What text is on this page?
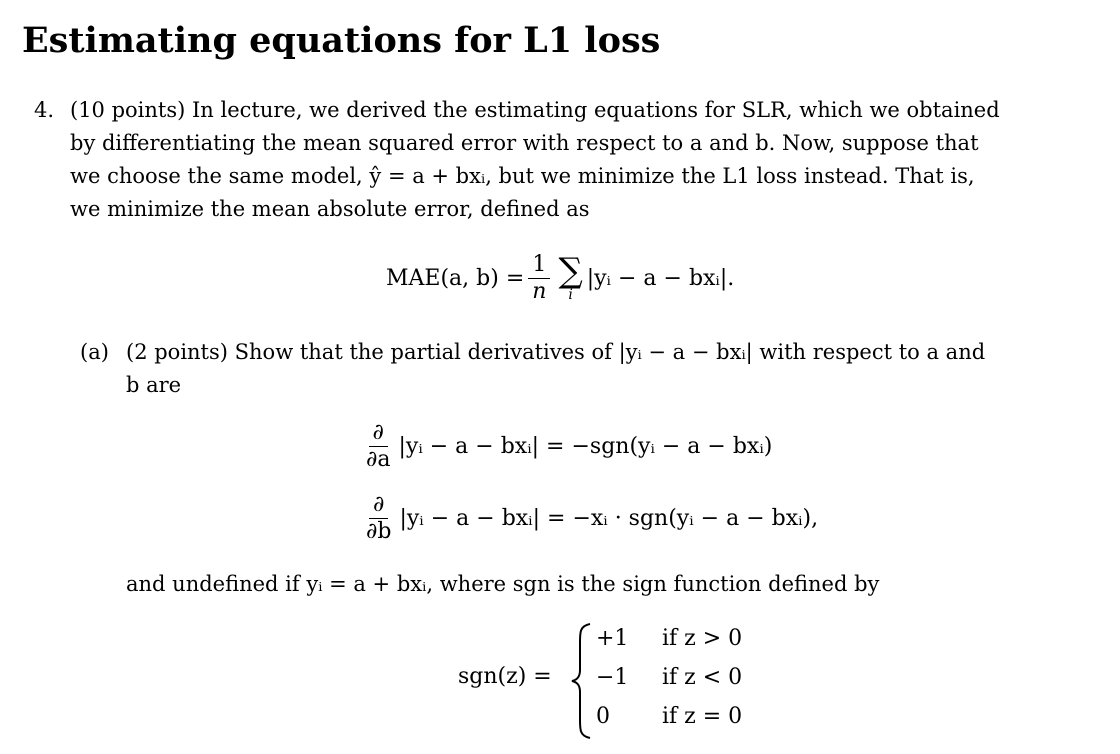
Estimating equations for L1 loss
4. (10 points) In lecture, we derived the estimating equations for SLR, which we obtained
by differentiating the mean squared error with respect to a and b. Now, suppose that
we choose the same model, ŷ = a + bxᵢ, but we minimize the L1 loss instead. That is,
we minimize the mean absolute error, defined as
MAE(a, $b) = \frac{1}{n}$ ∑
i
|yᵢ − a − bxᵢ|.
(a) (2 points) Show that the partial derivatives of |yᵢ − a − bxᵢ| with respect to a and
b are
$\frac{\partial}{\partial a}$ |yᵢ − a − bxᵢ| = −sgn(yᵢ − a − bxᵢ)
$\frac{\partial}{\partial b}$ |yᵢ − a − bxᵢ| = −xᵢ · sgn(yᵢ − a − bxᵢ),
and undefined if yᵢ = a + bxᵢ, where sgn is the sign function defined by
sgn(z) =
+1 if z > 0
−1 if z < 0
0 if z = 0
